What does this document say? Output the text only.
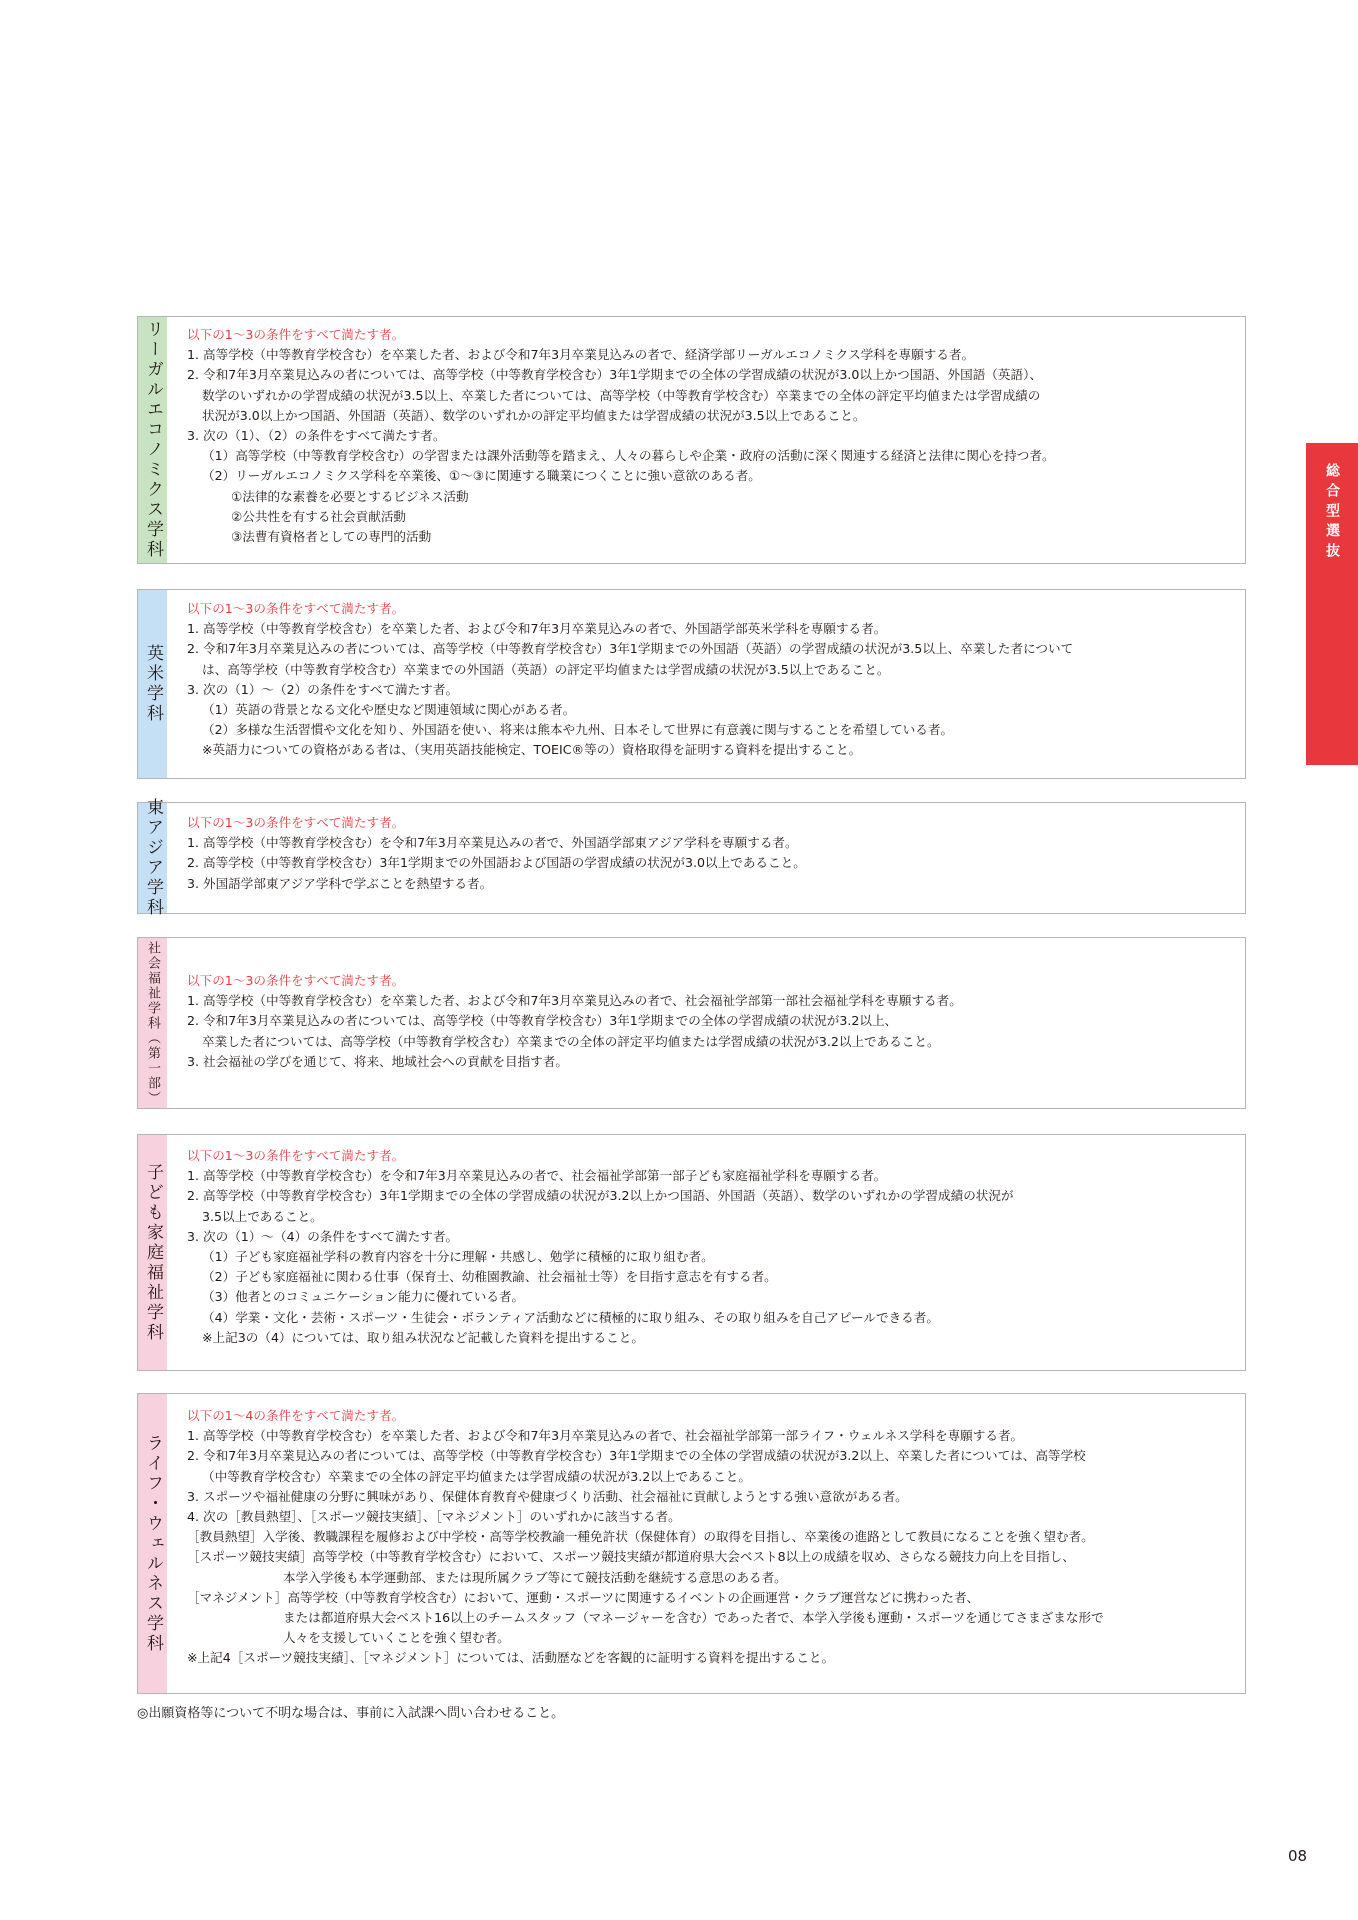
総合型選抜
リーガルエコノミクス学科 以下の1～3の条件をすべて満たす者。
1. 高等学校（中等教育学校含む）を卒業した者、および令和7年3月卒業見込みの者で、経済学部リーガルエコノミクス学科を専願する者。
2. 令和7年3月卒業見込みの者については、高等学校（中等教育学校含む）3年1学期までの全体の学習成績の状況が3.0以上かつ国語、外国語（英語）、
数学のいずれかの学習成績の状況が3.5以上、卒業した者については、高等学校（中等教育学校含む）卒業までの全体の評定平均値または学習成績の
状況が3.0以上かつ国語、外国語（英語）、数学のいずれかの評定平均値または学習成績の状況が3.5以上であること。
3. 次の（1）、（2）の条件をすべて満たす者。
（1）高等学校（中等教育学校含む）の学習または課外活動等を踏まえ、人々の暮らしや企業・政府の活動に深く関連する経済と法律に関心を持つ者。
（2）リーガルエコノミクス学科を卒業後、①～③に関連する職業につくことに強い意欲のある者。
①法律的な素養を必要とするビジネス活動
②公共性を有する社会貢献活動
③法曹有資格者としての専門的活動
英米学科
以下の1～3の条件をすべて満たす者。
1. 高等学校（中等教育学校含む）を卒業した者、および令和7年3月卒業見込みの者で、外国語学部英米学科を専願する者。
2. 令和7年3月卒業見込みの者については、高等学校（中等教育学校含む）3年1学期までの外国語（英語）の学習成績の状況が3.5以上、卒業した者について
は、高等学校（中等教育学校含む）卒業までの外国語（英語）の評定平均値または学習成績の状況が3.5以上であること。
3. 次の（1）～（2）の条件をすべて満たす者。
（1）英語の背景となる文化や歴史など関連領域に関心がある者。
（2）多様な生活習慣や文化を知り、外国語を使い、将来は熊本や九州、日本そして世界に有意義に関与することを希望している者。
※英語力についての資格がある者は、（実用英語技能検定、TOEIC®等の）資格取得を証明する資料を提出すること。
東アジア学科 以下の1～3の条件をすべて満たす者。
1. 高等学校（中等教育学校含む）を令和7年3月卒業見込みの者で、外国語学部東アジア学科を専願する者。
2. 高等学校（中等教育学校含む）3年1学期までの外国語および国語の学習成績の状況が3.0以上であること。
3. 外国語学部東アジア学科で学ぶことを熱望する者。
社会福祉学科（第一部） 以下の1～3の条件をすべて満たす者。
1. 高等学校（中等教育学校含む）を卒業した者、および令和7年3月卒業見込みの者で、社会福祉学部第一部社会福祉学科を専願する者。
2. 令和7年3月卒業見込みの者については、高等学校（中等教育学校含む）3年1学期までの全体の学習成績の状況が3.2以上、
卒業した者については、高等学校（中等教育学校含む）卒業までの全体の評定平均値または学習成績の状況が3.2以上であること。
3. 社会福祉の学びを通じて、将来、地域社会への貢献を目指す者。
子ども家庭福祉学科
以下の1～3の条件をすべて満たす者。
1. 高等学校（中等教育学校含む）を令和7年3月卒業見込みの者で、社会福祉学部第一部子ども家庭福祉学科を専願する者。
2. 高等学校（中等教育学校含む）3年1学期までの全体の学習成績の状況が3.2以上かつ国語、外国語（英語）、数学のいずれかの学習成績の状況が
3.5以上であること。
3. 次の（1）～（4）の条件をすべて満たす者。
（1）子ども家庭福祉学科の教育内容を十分に理解・共感し、勉学に積極的に取り組む者。
（2）子ども家庭福祉に関わる仕事（保育士、幼稚園教諭、社会福祉士等）を目指す意志を有する者。
（3）他者とのコミュニケーション能力に優れている者。
（4）学業・文化・芸術・スポーツ・生徒会・ボランティア活動などに積極的に取り組み、その取り組みを自己アピールできる者。
※上記3の（4）については、取り組み状況など記載した資料を提出すること。
ライフ・ウェルネス学科
以下の1～4の条件をすべて満たす者。
1. 高等学校（中等教育学校含む）を卒業した者、および令和7年3月卒業見込みの者で、社会福祉学部第一部ライフ・ウェルネス学科を専願する者。
2. 令和7年3月卒業見込みの者については、高等学校（中等教育学校含む）3年1学期までの全体の学習成績の状況が3.2以上、卒業した者については、高等学校
（中等教育学校含む）卒業までの全体の評定平均値または学習成績の状況が3.2以上であること。
3. スポーツや福祉健康の分野に興味があり、保健体育教育や健康づくり活動、社会福祉に貢献しようとする強い意欲がある者。
4. 次の［教員熱望］、［スポーツ競技実績］、［マネジメント］のいずれかに該当する者。
［教員熱望］入学後、教職課程を履修および中学校・高等学校教諭一種免許状（保健体育）の取得を目指し、卒業後の進路として教員になることを強く望む者。
［スポーツ競技実績］高等学校（中等教育学校含む）において、スポーツ競技実績が都道府県大会ベスト8以上の成績を収め、さらなる競技力向上を目指し、
本学入学後も本学運動部、または現所属クラブ等にて競技活動を継続する意思のある者。
［マネジメント］高等学校（中等教育学校含む）において、運動・スポーツに関連するイベントの企画運営・クラブ運営などに携わった者、
または都道府県大会ベスト16以上のチームスタッフ（マネージャーを含む）であった者で、本学入学後も運動・スポーツを通じてさまざまな形で
人々を支援していくことを強く望む者。
※上記4［スポーツ競技実績］、［マネジメント］については、活動歴などを客観的に証明する資料を提出すること。
◎出願資格等について不明な場合は、事前に入試課へ問い合わせること。
08
